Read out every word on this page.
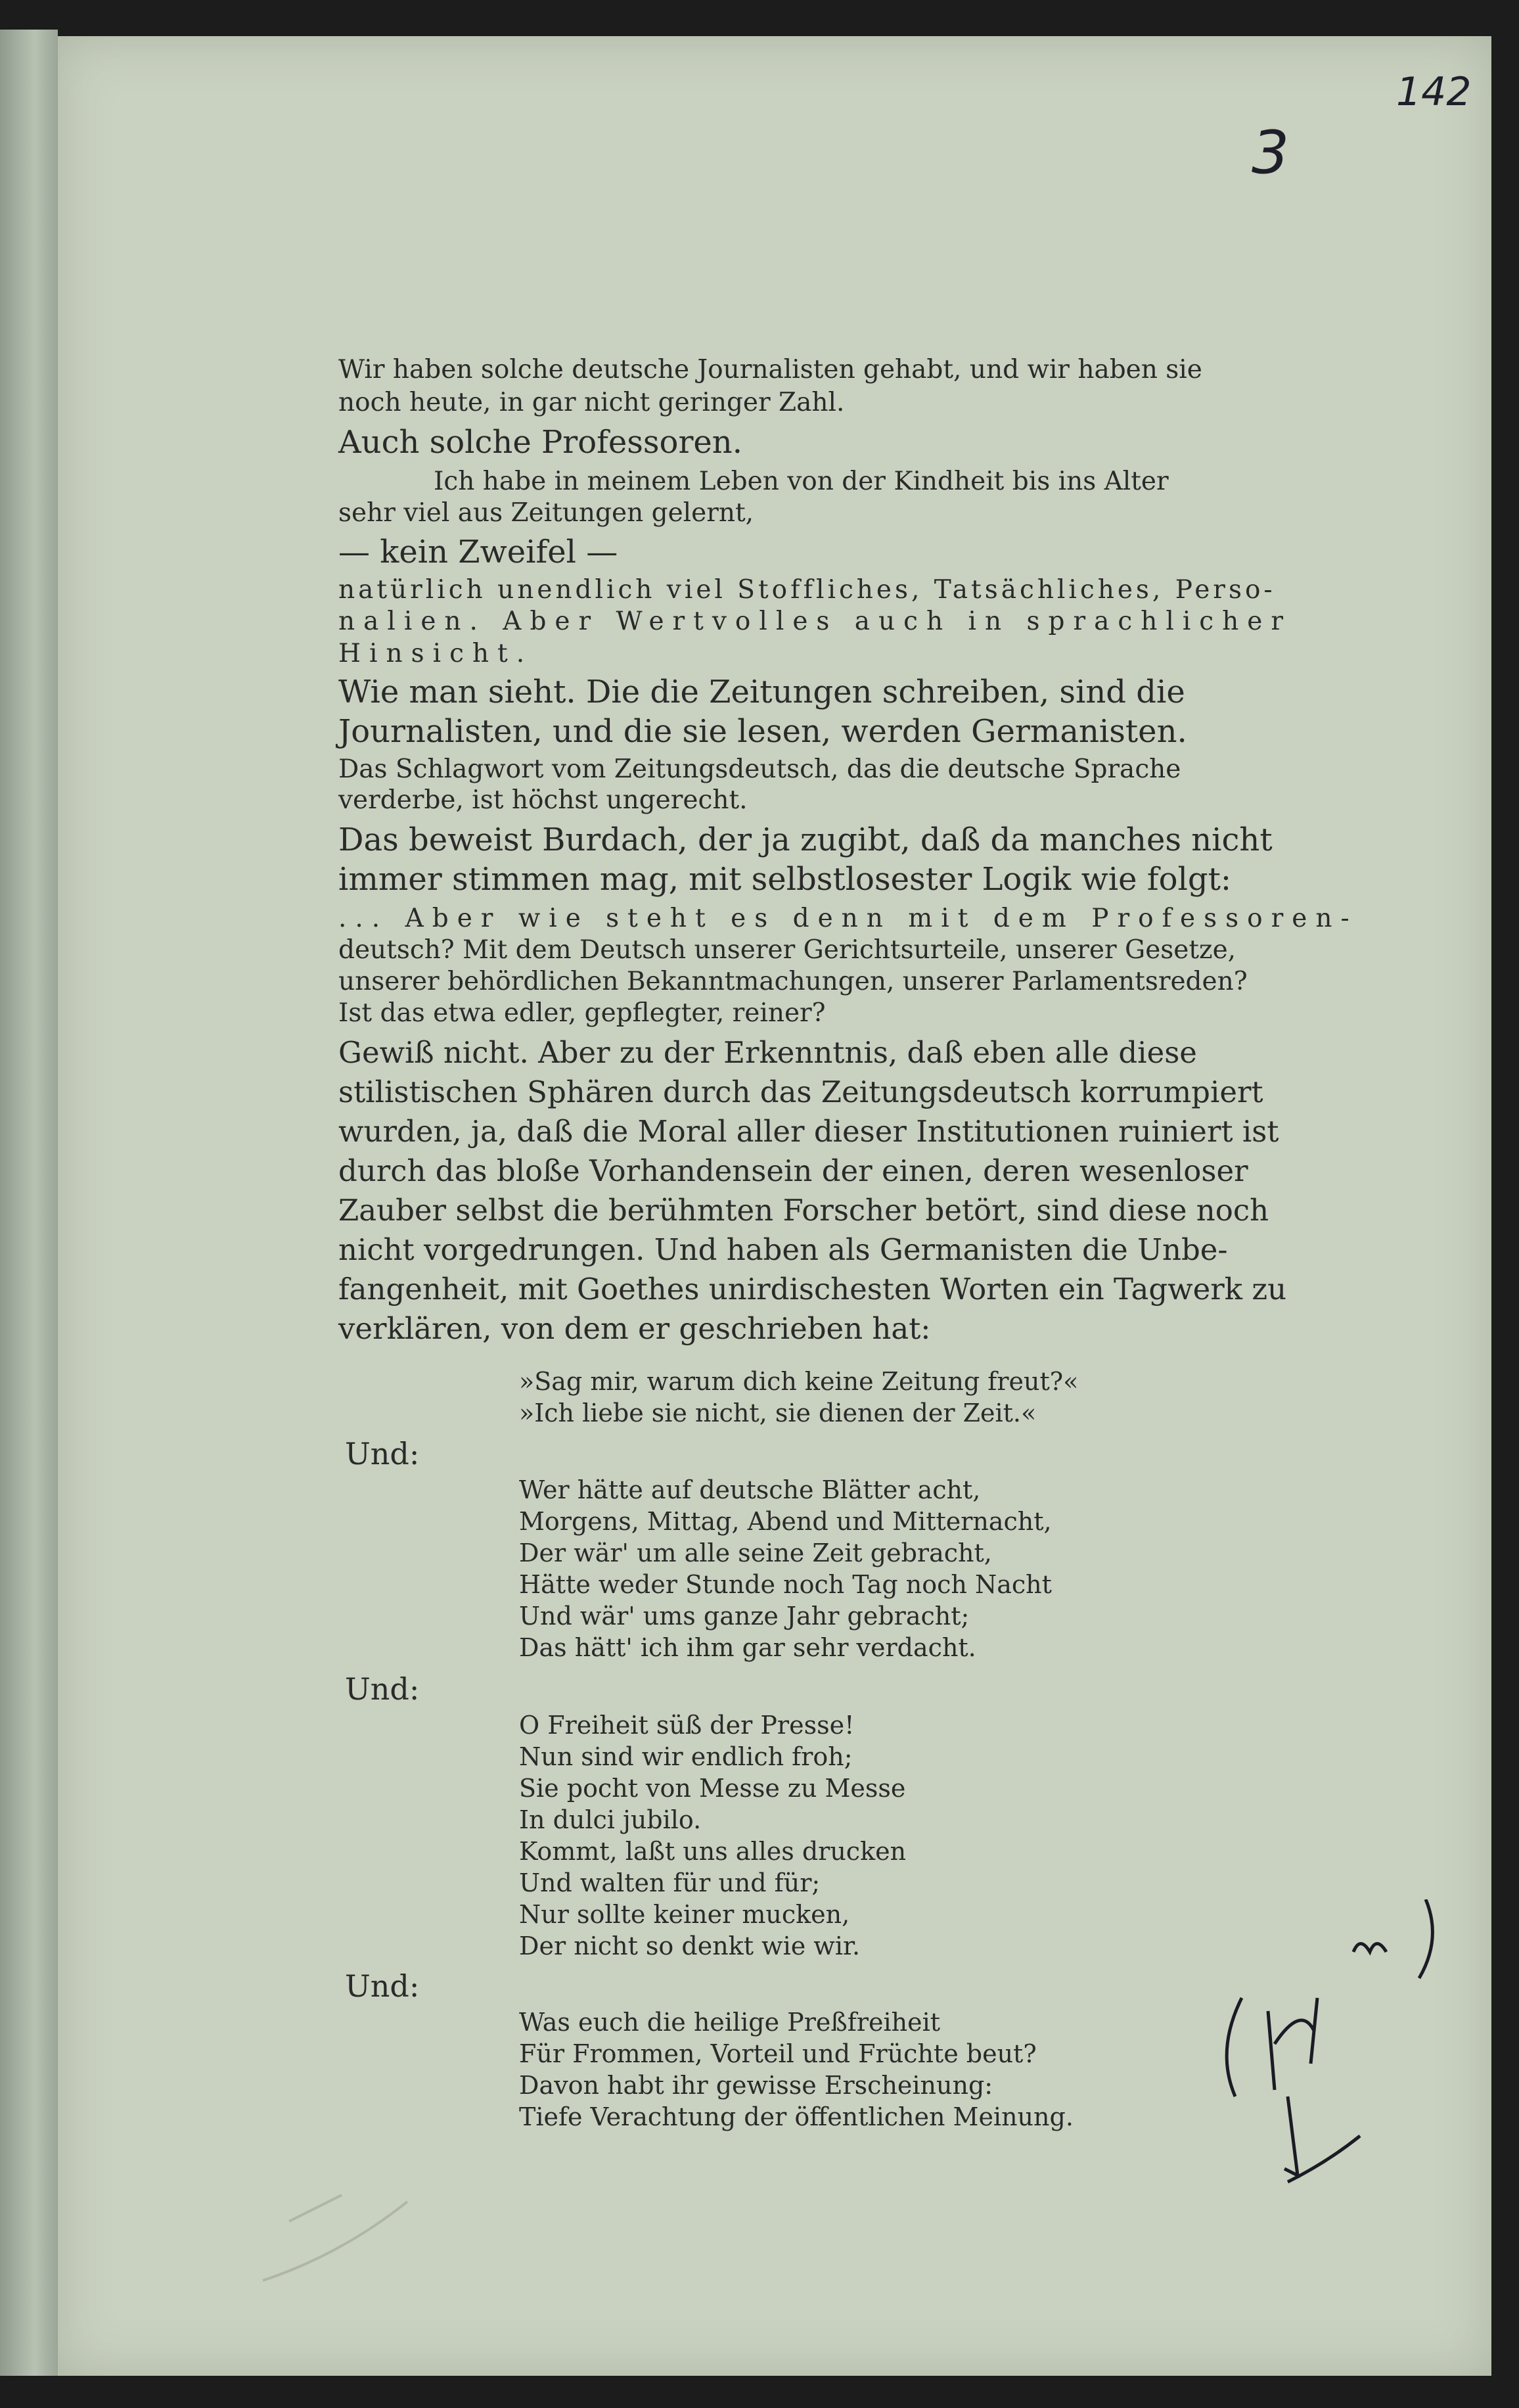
142
3
Wir haben solche deutsche Journalisten gehabt, und wir haben sie
noch heute, in gar nicht geringer Zahl.
Auch solche Professoren.
Ich habe in meinem Leben von der Kindheit bis ins Alter
sehr viel aus Zeitungen gelernt,
— kein Zweifel —
natürlich unendlich viel Stoffliches, Tatsächliches, Perso-
nalien. Aber Wertvolles auch in sprachlicher
Hinsicht.
Wie man sieht. Die die Zeitungen schreiben, sind die
Journalisten, und die sie lesen, werden Germanisten.
Das Schlagwort vom Zeitungsdeutsch, das die deutsche Sprache
verderbe, ist höchst ungerecht.
Das beweist Burdach, der ja zugibt, daß da manches nicht
immer stimmen mag, mit selbstlosester Logik wie folgt:
... Aber wie steht es denn mit dem Professoren-
deutsch? Mit dem Deutsch unserer Gerichtsurteile, unserer Gesetze,
unserer behördlichen Bekanntmachungen, unserer Parlamentsreden?
Ist das etwa edler, gepflegter, reiner?
Gewiß nicht. Aber zu der Erkenntnis, daß eben alle diese
stilistischen Sphären durch das Zeitungsdeutsch korrumpiert
wurden, ja, daß die Moral aller dieser Institutionen ruiniert ist
durch das bloße Vorhandensein der einen, deren wesenloser
Zauber selbst die berühmten Forscher betört, sind diese noch
nicht vorgedrungen. Und haben als Germanisten die Unbe-
fangenheit, mit Goethes unirdischesten Worten ein Tagwerk zu
verklären, von dem er geschrieben hat:
»Sag mir, warum dich keine Zeitung freut?«
»Ich liebe sie nicht, sie dienen der Zeit.«
Und:
Wer hätte auf deutsche Blätter acht,
Morgens, Mittag, Abend und Mitternacht,
Der wär' um alle seine Zeit gebracht,
Hätte weder Stunde noch Tag noch Nacht
Und wär' ums ganze Jahr gebracht;
Das hätt' ich ihm gar sehr verdacht.
Und:
O Freiheit süß der Presse!
Nun sind wir endlich froh;
Sie pocht von Messe zu Messe
In dulci jubilo.
Kommt, laßt uns alles drucken
Und walten für und für;
Nur sollte keiner mucken,
Der nicht so denkt wie wir.
Und:
Was euch die heilige Preßfreiheit
Für Frommen, Vorteil und Früchte beut?
Davon habt ihr gewisse Erscheinung:
Tiefe Verachtung der öffentlichen Meinung.
